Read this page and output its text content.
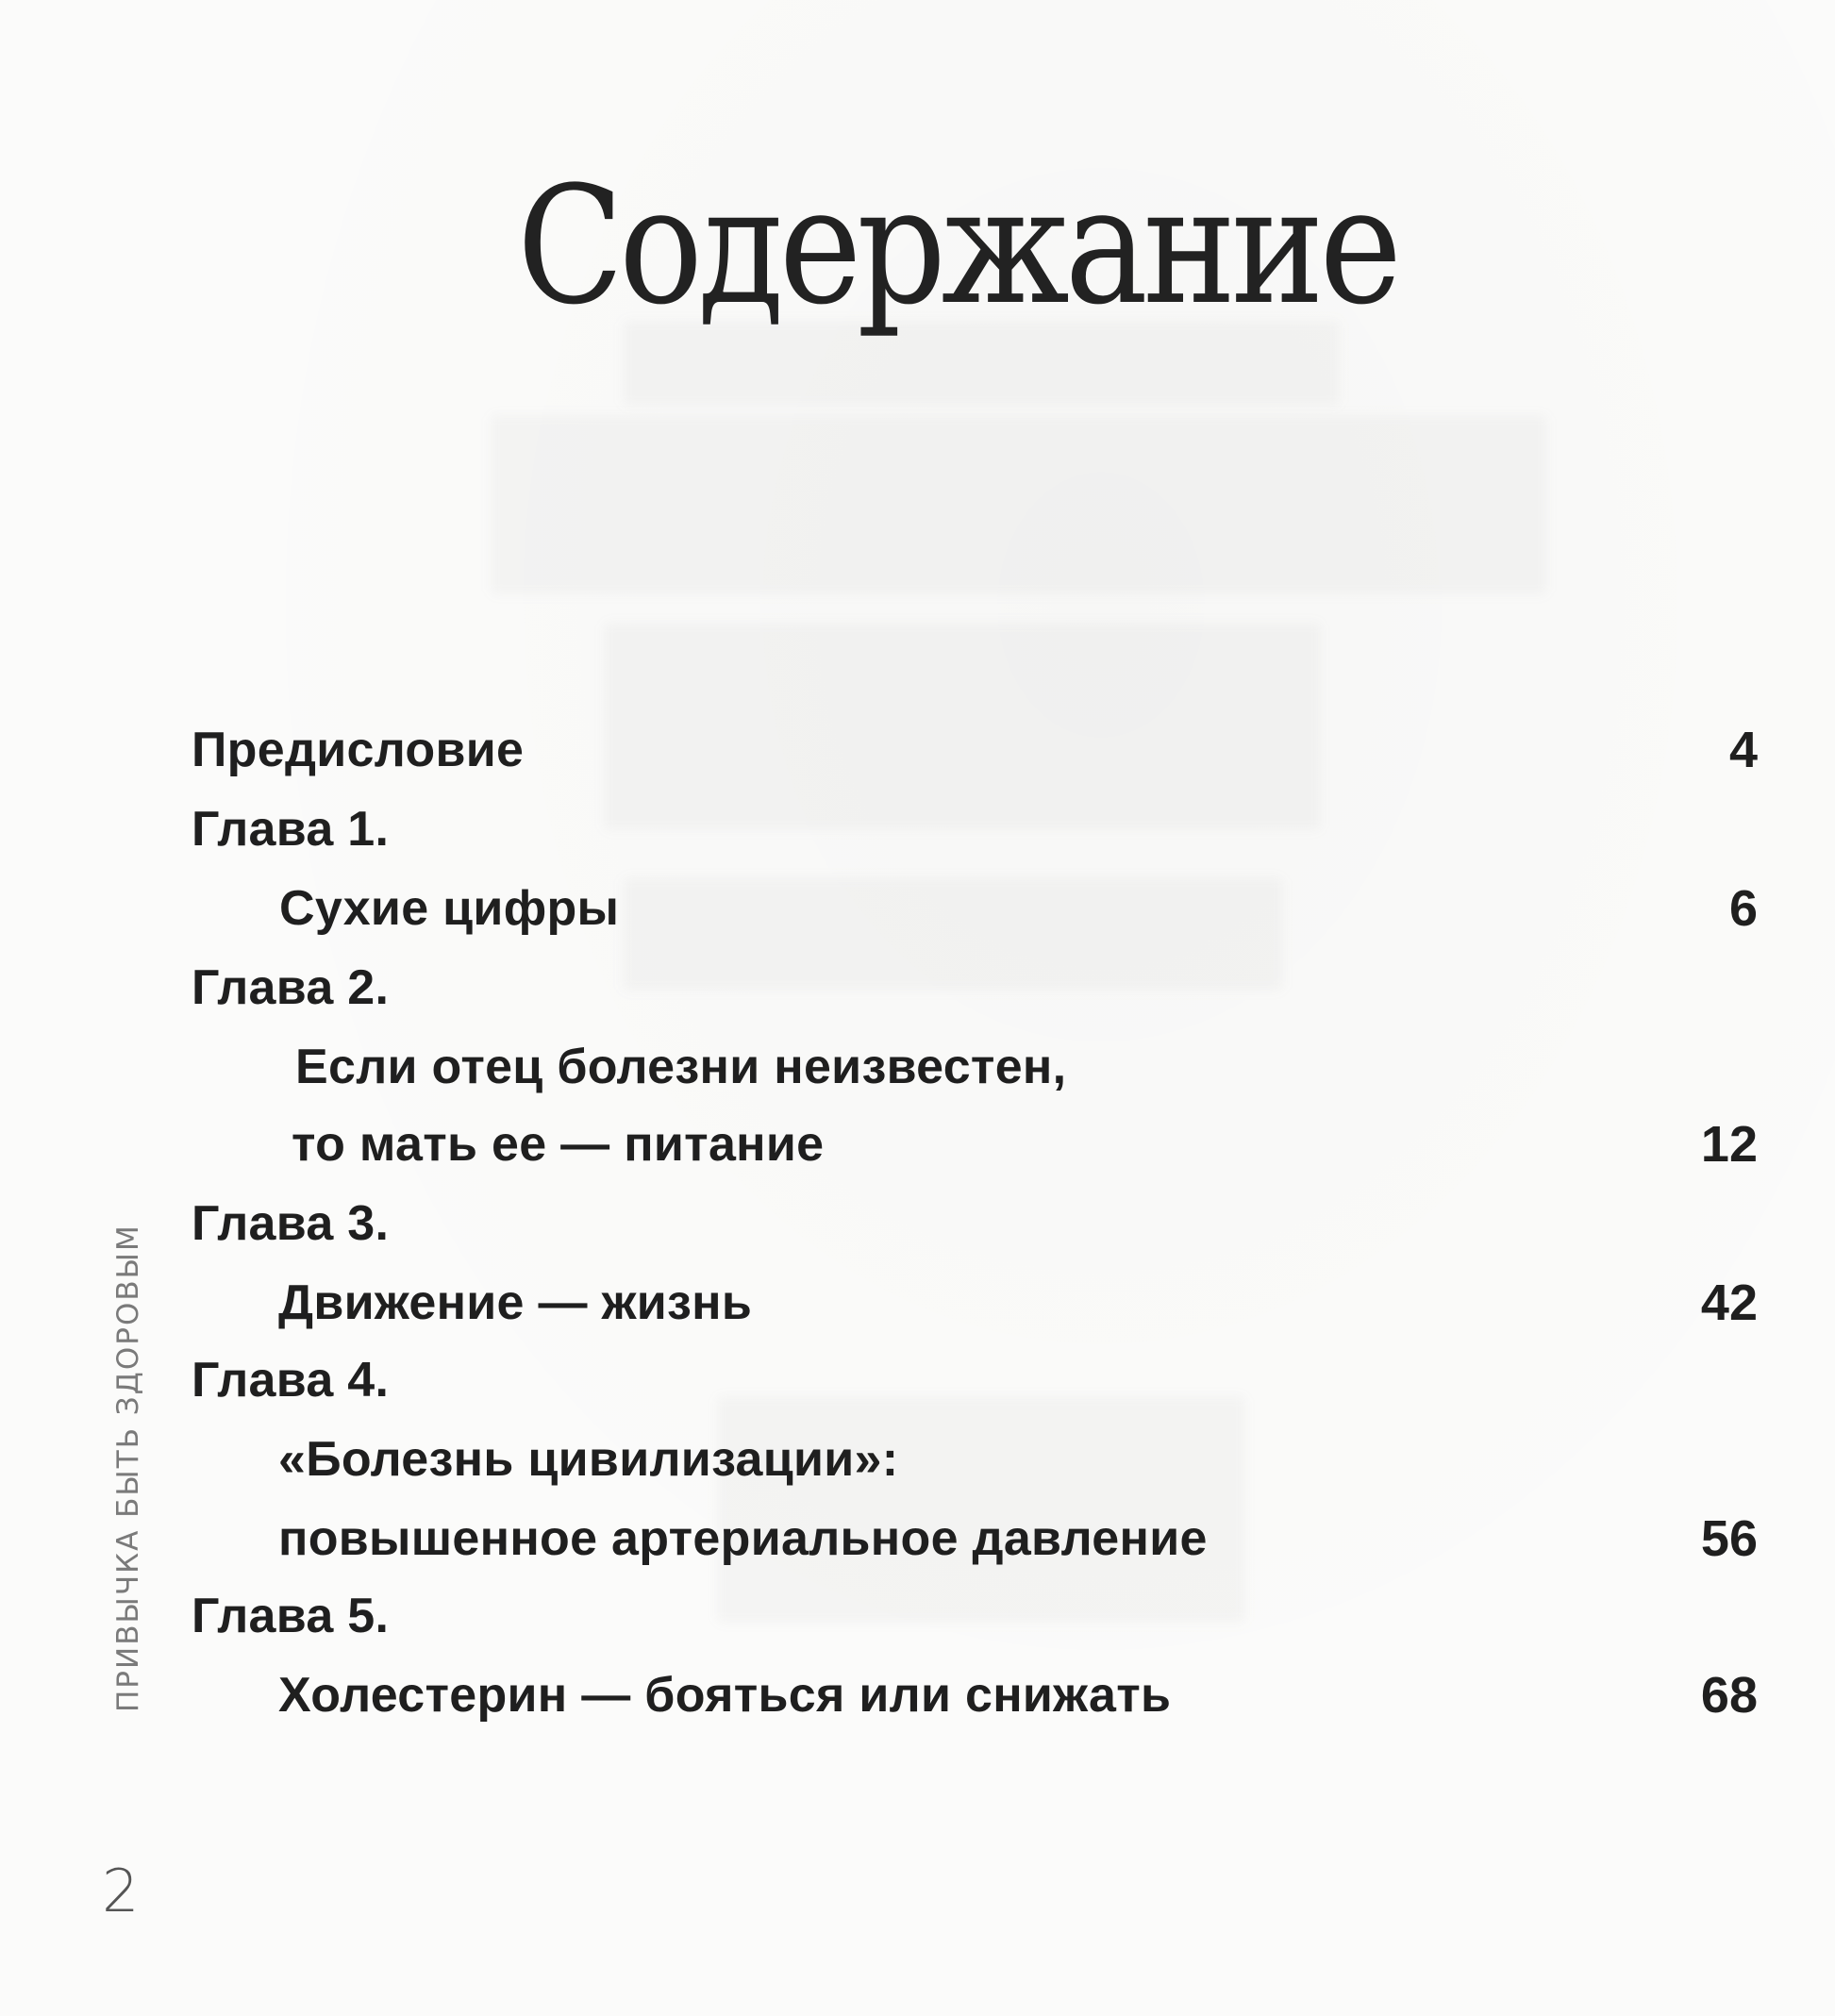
Содержание
Предисловие	4
Глава 1.
Сухие цифры	6
Глава 2.
Если отец болезни неизвестен,
то мать ее — питание	12
Глава 3.
Движение — жизнь	42
Глава 4.
«Болезнь цивилизации»:
повышенное артериальное давление	56
Глава 5.
Холестерин — бояться или снижать	68
ПРИВЫЧКА БЫТЬ ЗДОРОВЫМ
2
